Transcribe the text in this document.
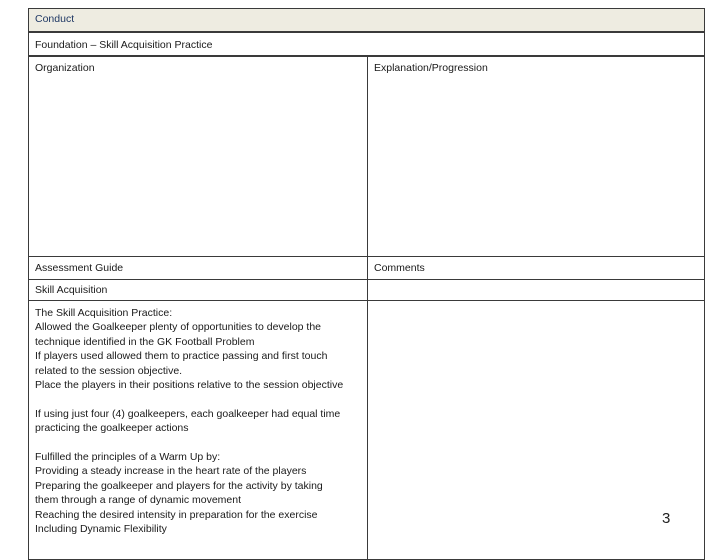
Conduct
Foundation – Skill Acquisition Practice
Organization	Explanation/Progression
Assessment Guide	Comments
Skill Acquisition
The Skill Acquisition Practice:
Allowed the Goalkeeper plenty of opportunities to develop the
technique identified in the GK Football Problem
If players used allowed them to practice passing and first touch
related to the session objective.
Place the players in their positions relative to the session objective
If using just four (4) goalkeepers, each goalkeeper had equal time
practicing the goalkeeper actions
Fulfilled the principles of a Warm Up by:
Providing a steady increase in the heart rate of the players
Preparing the goalkeeper and players for the activity by taking
them through a range of dynamic movement
Reaching the desired intensity in preparation for the exercise
Including Dynamic Flexibility
3
